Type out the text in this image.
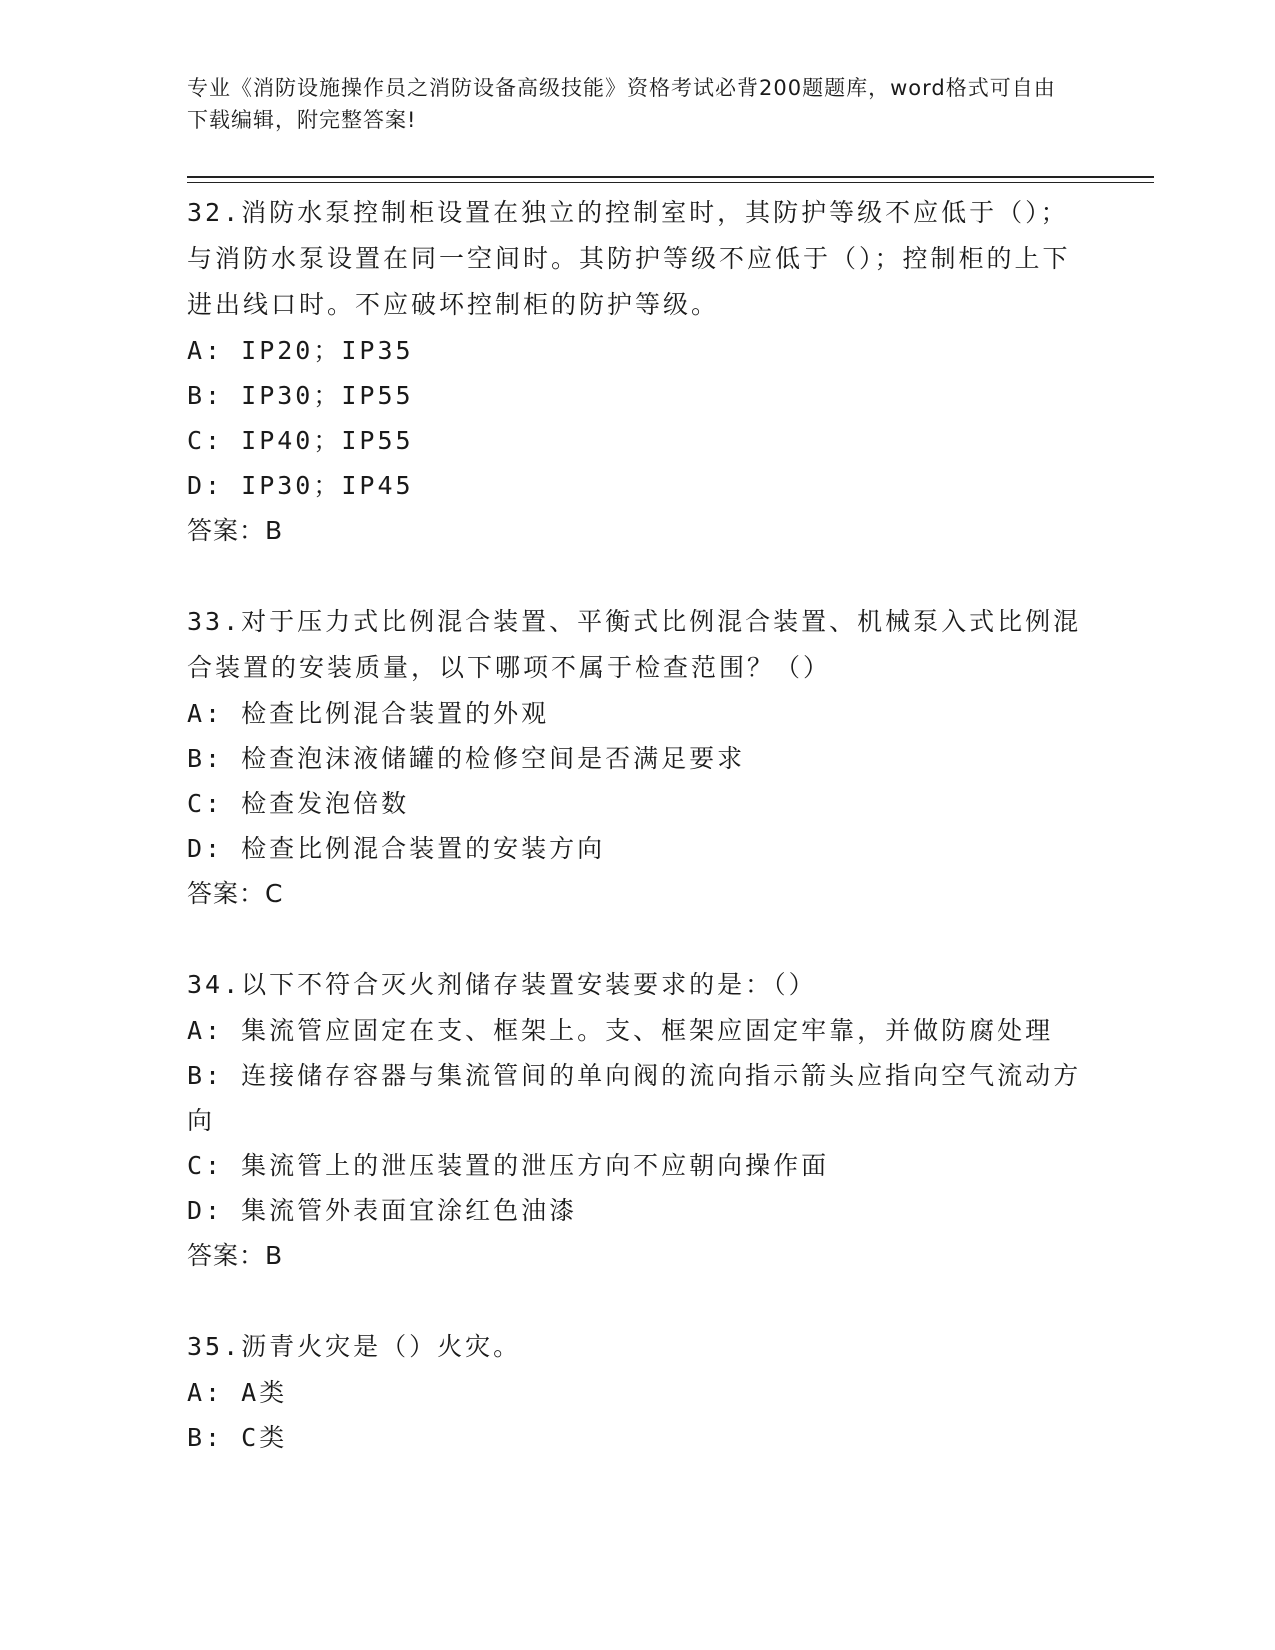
专业《消防设施操作员之消防设备高级技能》资格考试必背200题题库，word格式可自由下载编辑，附完整答案!
32.消防水泵控制柜设置在独立的控制室时，其防护等级不应低于（）；与消防水泵设置在同一空间时。其防护等级不应低于（）；控制柜的上下进出线口时。不应破坏控制柜的防护等级。
A: IP20；IP35
B: IP30；IP55
C: IP40；IP55
D: IP30；IP45
答案：B
33.对于压力式比例混合装置、平衡式比例混合装置、机械泵入式比例混合装置的安装质量，以下哪项不属于检查范围？（）
A: 检查比例混合装置的外观
B: 检查泡沫液储罐的检修空间是否满足要求
C: 检查发泡倍数
D: 检查比例混合装置的安装方向
答案：C
34.以下不符合灭火剂储存装置安装要求的是：（）
A: 集流管应固定在支、框架上。支、框架应固定牢靠，并做防腐处理
B: 连接储存容器与集流管间的单向阀的流向指示箭头应指向空气流动方向
C: 集流管上的泄压装置的泄压方向不应朝向操作面
D: 集流管外表面宜涂红色油漆
答案：B
35.沥青火灾是（）火灾。
A: A类
B: C类
